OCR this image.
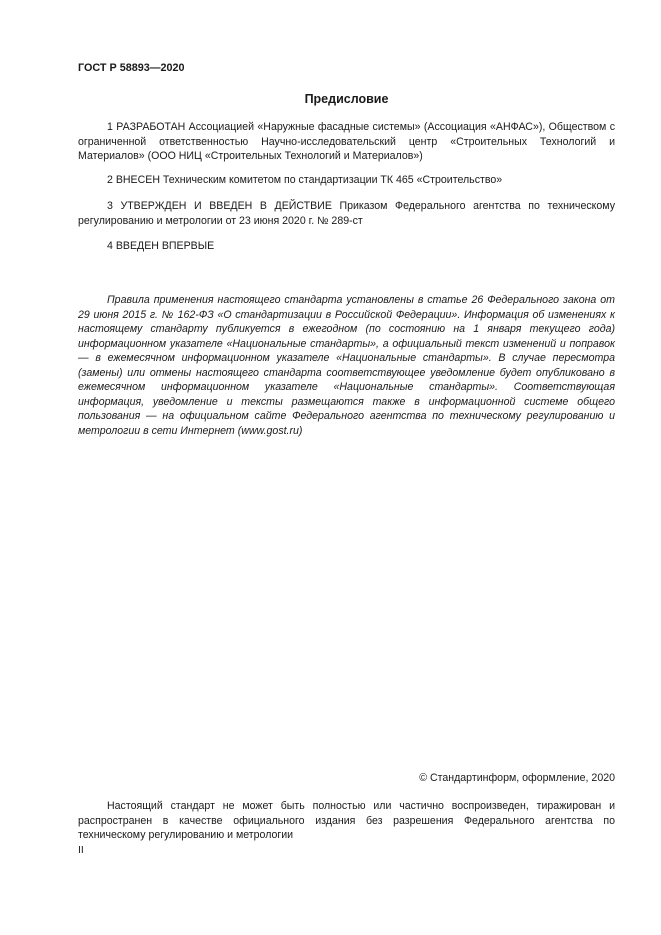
ГОСТ Р 58893—2020
Предисловие
1 РАЗРАБОТАН Ассоциацией «Наружные фасадные системы» (Ассоциация «АНФАС»), Обществом с ограниченной ответственностью Научно-исследовательский центр «Строительных Технологий и Материалов» (ООО НИЦ «Строительных Технологий и Материалов»)
2 ВНЕСЕН Техническим комитетом по стандартизации ТК 465 «Строительство»
3 УТВЕРЖДЕН И ВВЕДЕН В ДЕЙСТВИЕ Приказом Федерального агентства по техническому регулированию и метрологии от 23 июня 2020 г. № 289-ст
4 ВВЕДЕН ВПЕРВЫЕ
Правила применения настоящего стандарта установлены в статье 26 Федерального закона от 29 июня 2015 г. № 162-ФЗ «О стандартизации в Российской Федерации». Информация об изменениях к настоящему стандарту публикуется в ежегодном (по состоянию на 1 января текущего года) информационном указателе «Национальные стандарты», а официальный текст изменений и поправок — в ежемесячном информационном указателе «Национальные стандарты». В случае пересмотра (замены) или отмены настоящего стандарта соответствующее уведомление будет опубликовано в ежемесячном информационном указателе «Национальные стандарты». Соответствующая информация, уведомление и тексты размещаются также в информационной системе общего пользования — на официальном сайте Федерального агентства по техническому регулированию и метрологии в сети Интернет (www.gost.ru)
© Стандартинформ, оформление, 2020
Настоящий стандарт не может быть полностью или частично воспроизведен, тиражирован и распространен в качестве официального издания без разрешения Федерального агентства по техническому регулированию и метрологии
II
